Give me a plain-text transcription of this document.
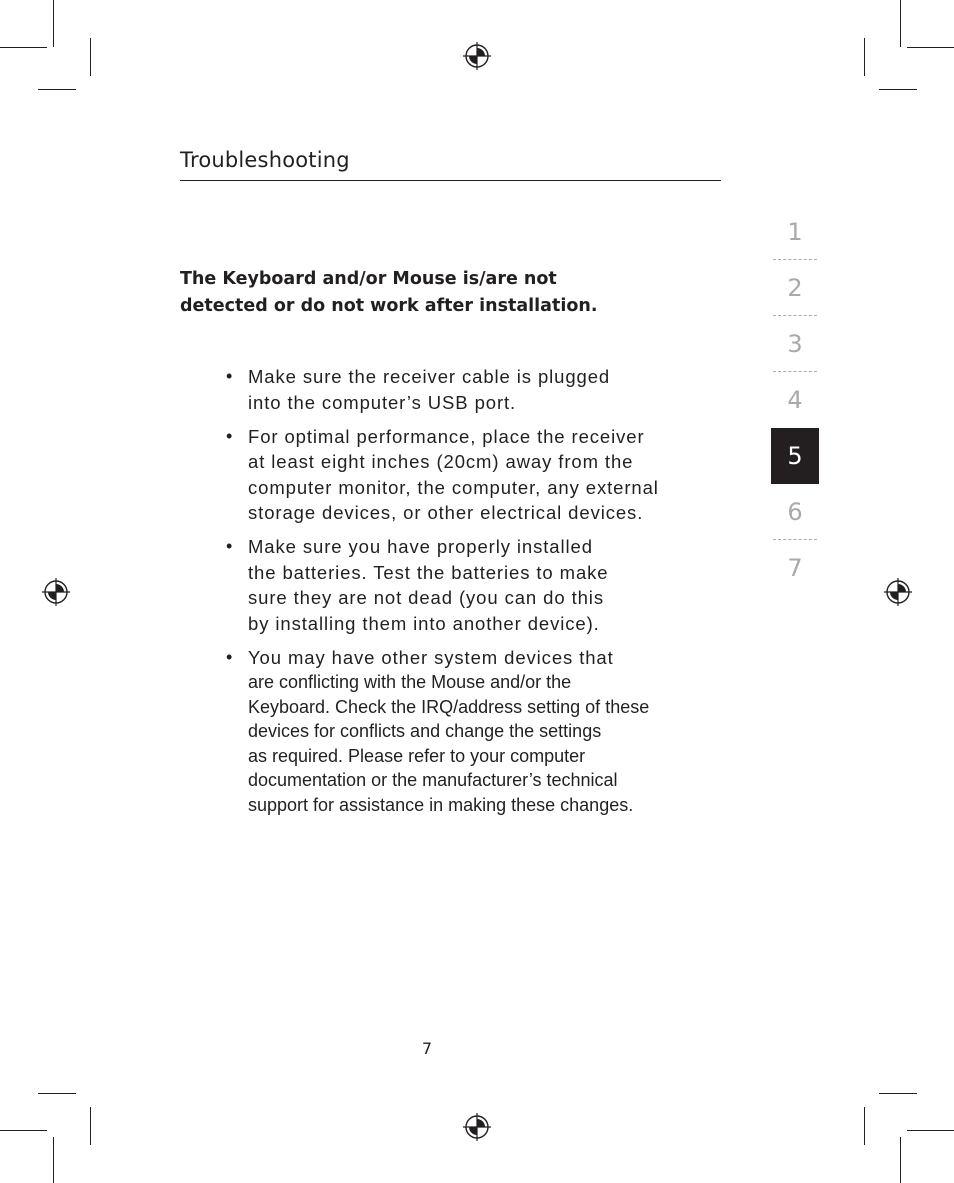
Troubleshooting
The Keyboard and/or Mouse is/are not
detected or do not work after installation.
• Make sure the receiver cable is plugged
into the computer’s USB port.
• For optimal performance, place the receiver
at least eight inches (20cm) away from the
computer monitor, the computer, any external
storage devices, or other electrical devices.
• Make sure you have properly installed
the batteries. Test the batteries to make
sure they are not dead (you can do this
by installing them into another device).
• You may have other system devices that
are conflicting with the Mouse and/or the
Keyboard. Check the IRQ/address setting of these
devices for conflicts and change the settings
as required. Please refer to your computer
documentation or the manufacturer’s technical
support for assistance in making these changes.
1
2
3
4
5
6
7
7
